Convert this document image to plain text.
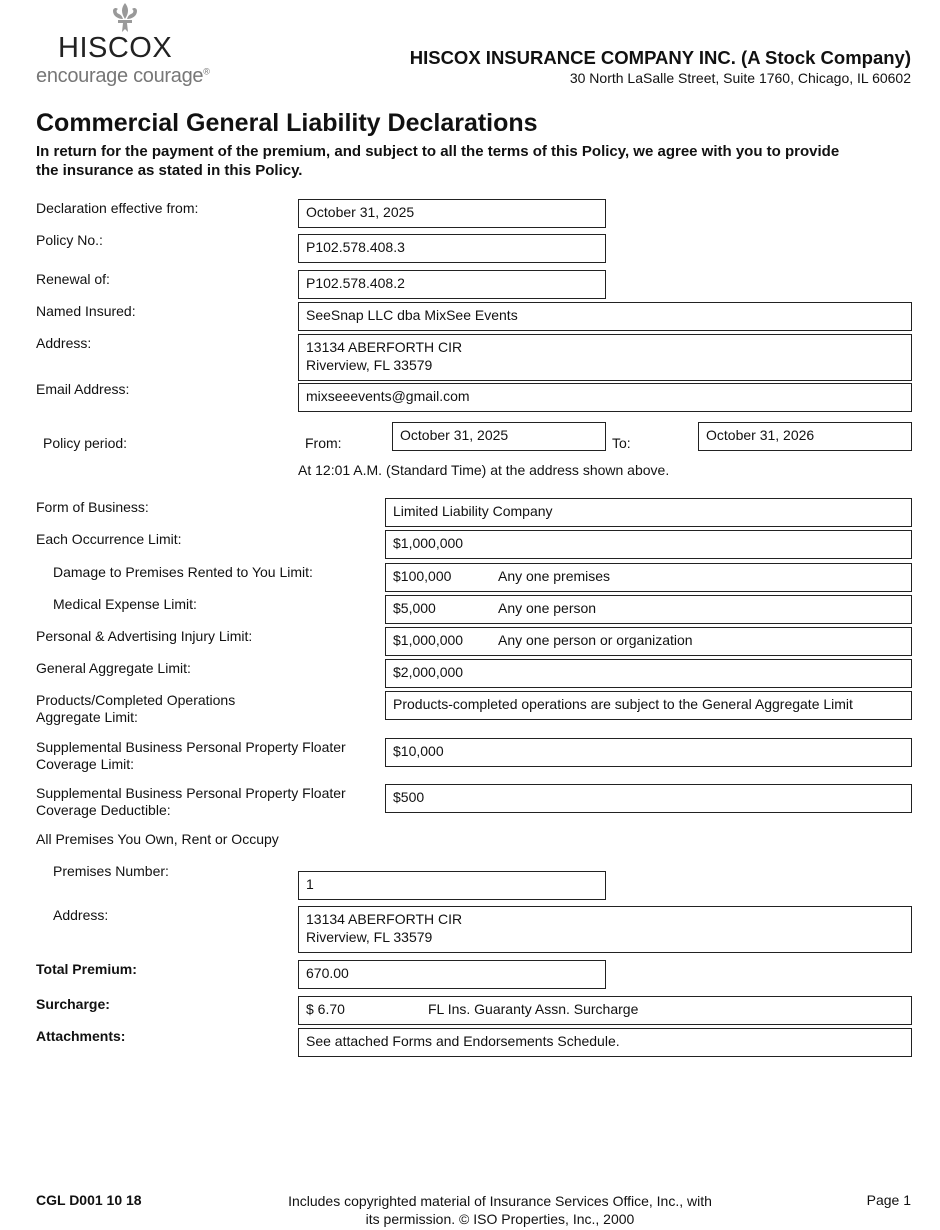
HISCOX
encourage courage®
HISCOX INSURANCE COMPANY INC. (A Stock Company)
30 North LaSalle Street, Suite 1760, Chicago, IL 60602
Commercial General Liability Declarations
In return for the payment of the premium, and subject to all the terms of this Policy, we agree with you to provide
the insurance as stated in this Policy.
Declaration effective from:	October 31, 2025
Policy No.:	P102.578.408.3
Renewal of:	P102.578.408.2
Named Insured:	SeeSnap LLC dba MixSee Events
Address:	13134 ABERFORTH CIR
Riverview, FL 33579
Email Address:	mixseeevents@gmail.com
Policy period:	From:	October 31, 2025	To:	October 31, 2026
At 12:01 A.M. (Standard Time) at the address shown above.
Form of Business:	Limited Liability Company
Each Occurrence Limit:	$1,000,000
Damage to Premises Rented to You Limit:	$100,000	Any one premises
Medical Expense Limit:	$5,000	Any one person
Personal & Advertising Injury Limit:	$1,000,000 Any one person or organization
General Aggregate Limit:	$2,000,000
Products/Completed Operations
Aggregate Limit:
Products-completed operations are subject to the General Aggregate Limit
Supplemental Business Personal Property Floater
Coverage Limit:
$10,000
Supplemental Business Personal Property Floater
Coverage Deductible:
$500
All Premises You Own, Rent or Occupy
Premises Number:
1
Address:	13134 ABERFORTH CIR
Riverview, FL 33579
Total Premium:	670.00
Surcharge:	$ 6.70	FL Ins. Guaranty Assn. Surcharge
Attachments:	See attached Forms and Endorsements Schedule.
CGL D001 10 18	Includes copyrighted material of Insurance Services Office, Inc., with
its permission. © ISO Properties, Inc., 2000
Page 1
